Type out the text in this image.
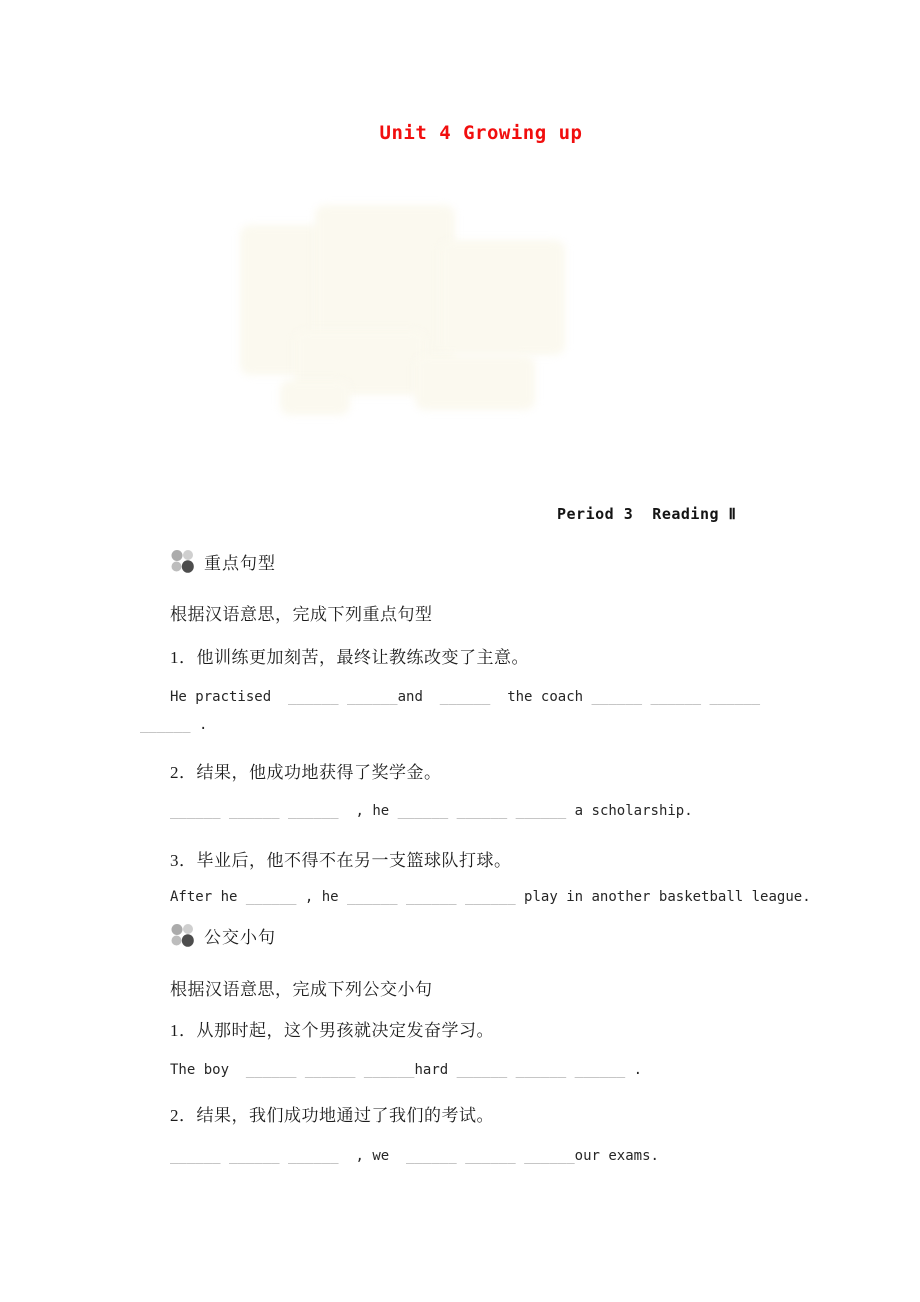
Unit 4 Growing up
Period 3  Reading Ⅱ
重点句型
根据汉语意思，完成下列重点句型
1．他训练更加刻苦，最终让教练改变了主意。
He practised  ______ ______and  ______  the coach ______ ______ ______
______ .
2．结果，他成功地获得了奖学金。
______ ______ ______  , he ______ ______ ______ a scholarship.
3．毕业后，他不得不在另一支篮球队打球。
After he ______ , he ______ ______ ______ play in another basketball league.
公交小句
根据汉语意思，完成下列公交小句
1．从那时起，这个男孩就决定发奋学习。
The boy  ______ ______ ______hard ______ ______ ______ .
2．结果，我们成功地通过了我们的考试。
______ ______ ______  , we  ______ ______ ______our exams.
